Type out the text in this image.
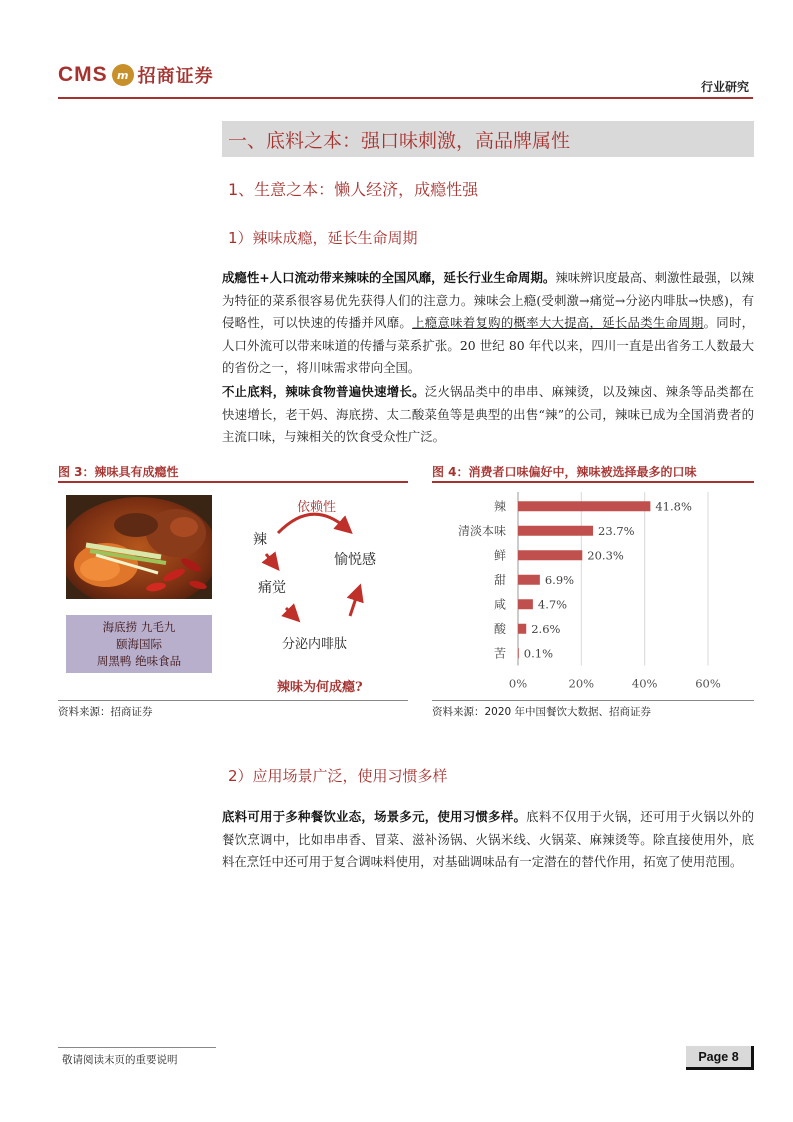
CMS m 招商证券	行业研究
一、底料之本：强口味刺激，高品牌属性
1、生意之本：懒人经济，成瘾性强
1）辣味成瘾，延长生命周期

成瘾性+人口流动带来辣味的全国风靡，延长行业生命周期。辣味辨识度最高、刺激性最强，以辣为特征的菜系很容易优先获得人们的注意力。辣味会上瘾(受刺激→痛觉→分泌内啡肽→快感)，有侵略性，可以快速的传播并风靡。上瘾意味着复购的概率大大提高，延长品类生命周期。同时，人口外流可以带来味道的传播与菜系扩张。20 世纪 80 年代以来，四川一直是出省务工人数最大的省份之一，将川味需求带向全国。

不止底料，辣味食物普遍快速增长。泛火锅品类中的串串、麻辣烫，以及辣卤、辣条等品类都在快速增长，老干妈、海底捞、太二酸菜鱼等是典型的出售“辣”的公司，辣味已成为全国消费者的主流口味，与辣相关的饮食受众性广泛。

图 3：辣味具有成瘾性
海底捞 九毛九
颐海国际
周黑鸭 绝味食品
依赖性
辣
痛觉
愉悦感
分泌内啡肽
辣味为何成瘾?
资料来源：招商证券
图 4：消费者口味偏好中，辣味被选择最多的口味
辣
清淡本味
鲜
甜
咸
酸
苦
41.8%
23.7%
20.3%
6.9%
4.7%
2.6%
0.1%
0%	20%	40%	60%
资料来源：2020 年中国餐饮大数据、招商证券
2）应用场景广泛，使用习惯多样

底料可用于多种餐饮业态，场景多元，使用习惯多样。底料不仅用于火锅，还可用于火锅以外的餐饮烹调中，比如串串香、冒菜、滋补汤锅、火锅米线、火锅菜、麻辣烫等。除直接使用外，底料在烹饪中还可用于复合调味料使用，对基础调味品有一定潜在的替代作用，拓宽了使用范围。

敬请阅读末页的重要说明	Page 8
